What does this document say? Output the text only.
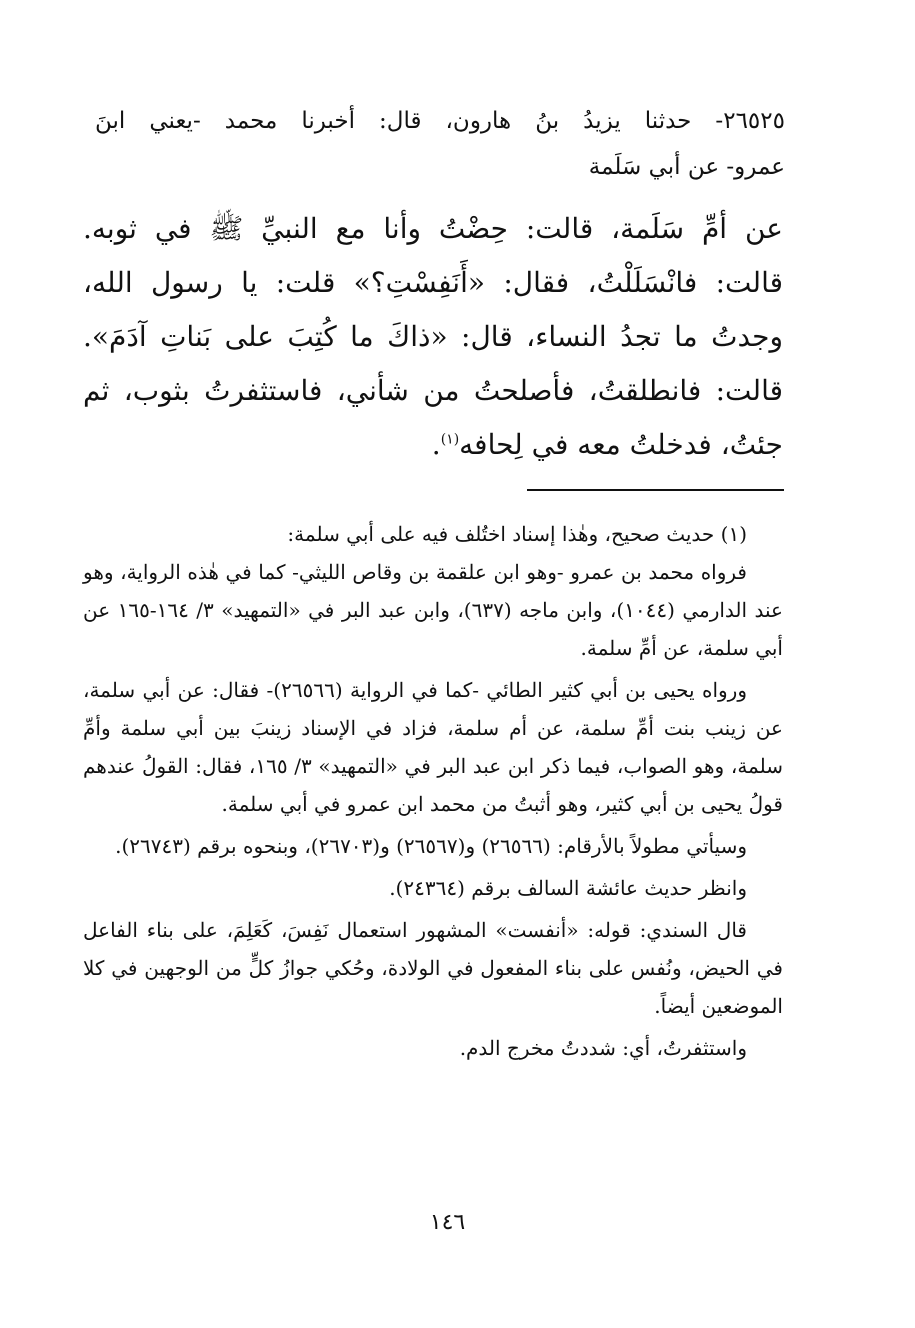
٢٦٥٢٥- حدثنا يزيدُ بنُ هارون، قال: أخبرنا محمد -يعني ابنَ

عمرو- عن أبي سَلَمة

عن أمِّ سَلَمة، قالت: حِضْتُ وأنا مع النبيِّ ﷺ في ثوبه.

قالت: فانْسَلَلْتُ، فقال: «أَنَفِسْتِ؟» قلت: يا رسول الله،

وجدتُ ما تجدُ النساء، قال: «ذاكَ ما كُتِبَ على بَناتِ آدَمَ».

قالت: فانطلقتُ، فأصلحتُ من شأني، فاستثفرتُ بثوب، ثم

جئتُ، فدخلتُ معه في لِحافه$^{(١)}$.

(١) حديث صحيح، وهٰذا إسناد اختُلف فيه على أبي سلمة:

فرواه محمد بن عمرو -وهو ابن علقمة بن وقاص الليثي- كما في هٰذه الرواية، وهو عند الدارمي (١٠٤٤)، وابن ماجه (٦٣٧)، وابن عبد البر في «التمهيد» ٣/ ١٦٤-١٦٥ عن أبي سلمة، عن أمِّ سلمة.

ورواه يحيى بن أبي كثير الطائي -كما في الرواية (٢٦٥٦٦)- فقال: عن أبي سلمة، عن زينب بنت أمِّ سلمة، عن أم سلمة، فزاد في الإسناد زينبَ بين أبي سلمة وأمِّ سلمة، وهو الصواب، فيما ذكر ابن عبد البر في «التمهيد» ٣/ ١٦٥، فقال: القولُ عندهم قولُ يحيى بن أبي كثير، وهو أثبتُ من محمد ابن عمرو في أبي سلمة.

وسيأتي مطولاً بالأرقام: (٢٦٥٦٦) و(٢٦٥٦٧) و(٢٦٧٠٣)، وبنحوه برقم (٢٦٧٤٣).

وانظر حديث عائشة السالف برقم (٢٤٣٦٤).

قال السندي: قوله: «أنفست» المشهور استعمال نَفِسَ، كَعَلِمَ، على بناء الفاعل في الحيض، ونُفس على بناء المفعول في الولادة، وحُكي جوازُ كلٍّ من الوجهين في كلا الموضعين أيضاً.

واستثفرتُ، أي: شددتُ مخرج الدم.

١٤٦
